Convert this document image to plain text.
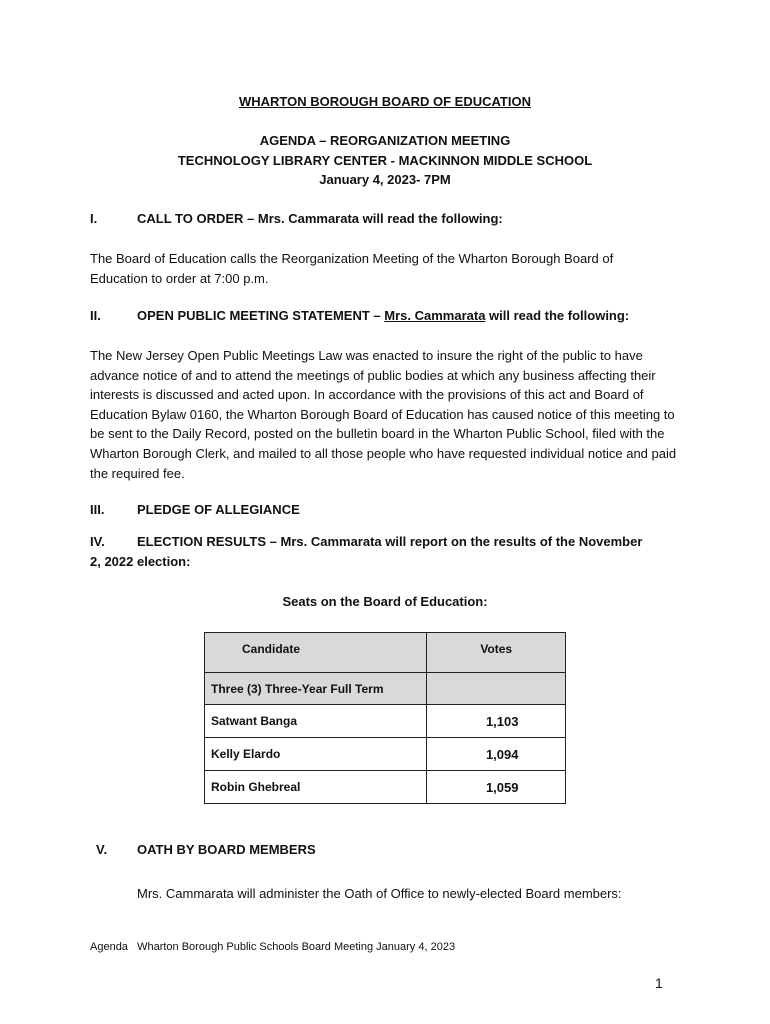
WHARTON BOROUGH BOARD OF EDUCATION
AGENDA – REORGANIZATION MEETING
TECHNOLOGY LIBRARY CENTER - MACKINNON MIDDLE SCHOOL
January 4, 2023- 7PM
I.	CALL TO ORDER – Mrs. Cammarata will read the following:
The Board of Education calls the Reorganization Meeting of the Wharton Borough Board of Education to order at 7:00 p.m.
II.	OPEN PUBLIC MEETING STATEMENT – Mrs. Cammarata will read the following:
The New Jersey Open Public Meetings Law was enacted to insure the right of the public to have advance notice of and to attend the meetings of public bodies at which any business affecting their interests is discussed and acted upon. In accordance with the provisions of this act and Board of Education Bylaw 0160, the Wharton Borough Board of Education has caused notice of this meeting to be sent to the Daily Record, posted on the bulletin board in the Wharton Public School, filed with the Wharton Borough Clerk, and mailed to all those people who have requested individual notice and paid the required fee.
III.	PLEDGE OF ALLEGIANCE
IV. ELECTION RESULTS – Mrs. Cammarata will report on the results of the November
2, 2022 election:
Seats on the Board of Education:
Candidate	Votes

Three (3) Three-Year Full Term	

Satwant Banga	1,103

Kelly Elardo	1,094

Robin Ghebreal	1,059
V. OATH BY BOARD MEMBERS
Mrs. Cammarata will administer the Oath of Office to newly-elected Board members:
Agenda   Wharton Borough Public Schools Board Meeting January 4, 2023
1
